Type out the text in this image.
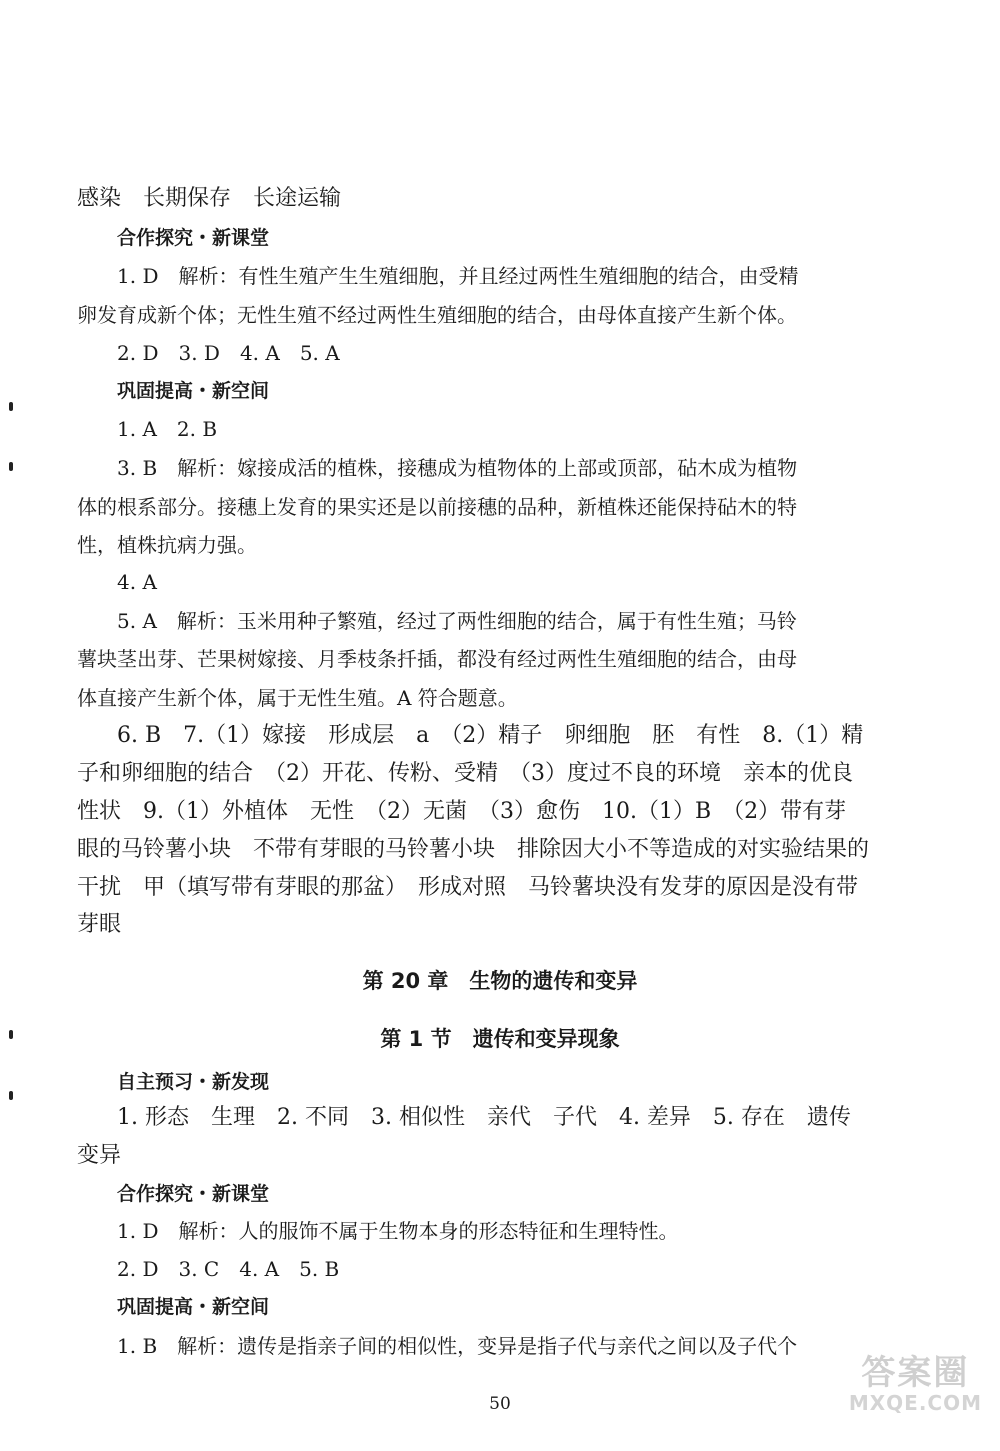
感染　长期保存　长途运输
合作探究・新课堂
1. D　解析：有性生殖产生生殖细胞，并且经过两性生殖细胞的结合，由受精
卵发育成新个体；无性生殖不经过两性生殖细胞的结合，由母体直接产生新个体。
2. D　3. D　4. A　5. A
巩固提高・新空间
1. A　2. B
3. B　解析：嫁接成活的植株，接穗成为植物体的上部或顶部，砧木成为植物
体的根系部分。接穗上发育的果实还是以前接穗的品种，新植株还能保持砧木的特
性，植株抗病力强。
4. A
5. A　解析：玉米用种子繁殖，经过了两性细胞的结合，属于有性生殖；马铃
薯块茎出芽、芒果树嫁接、月季枝条扦插，都没有经过两性生殖细胞的结合，由母
体直接产生新个体，属于无性生殖。A 符合题意。
6. B　7.（1）嫁接　形成层　a　（2）精子　卵细胞　胚　有性　8.（1）精
子和卵细胞的结合　（2）开花、传粉、受精　（3）度过不良的环境　亲本的优良
性状　9.（1）外植体　无性　（2）无菌　（3）愈伤　10.（1）B　（2）带有芽
眼的马铃薯小块　不带有芽眼的马铃薯小块　排除因大小不等造成的对实验结果的
干扰　甲（填写带有芽眼的那盆）　形成对照　马铃薯块没有发芽的原因是没有带
芽眼
第 20 章　生物的遗传和变异
第 1 节　遗传和变异现象
自主预习・新发现
1. 形态　生理　2. 不同　3. 相似性　亲代　子代　4. 差异　5. 存在　遗传
变异
合作探究・新课堂
1. D　解析：人的服饰不属于生物本身的形态特征和生理特性。
2. D　3. C　4. A　5. B
巩固提高・新空间
1. B　解析：遗传是指亲子间的相似性，变异是指子代与亲代之间以及子代个
50
答案圈
MXQE.COM
